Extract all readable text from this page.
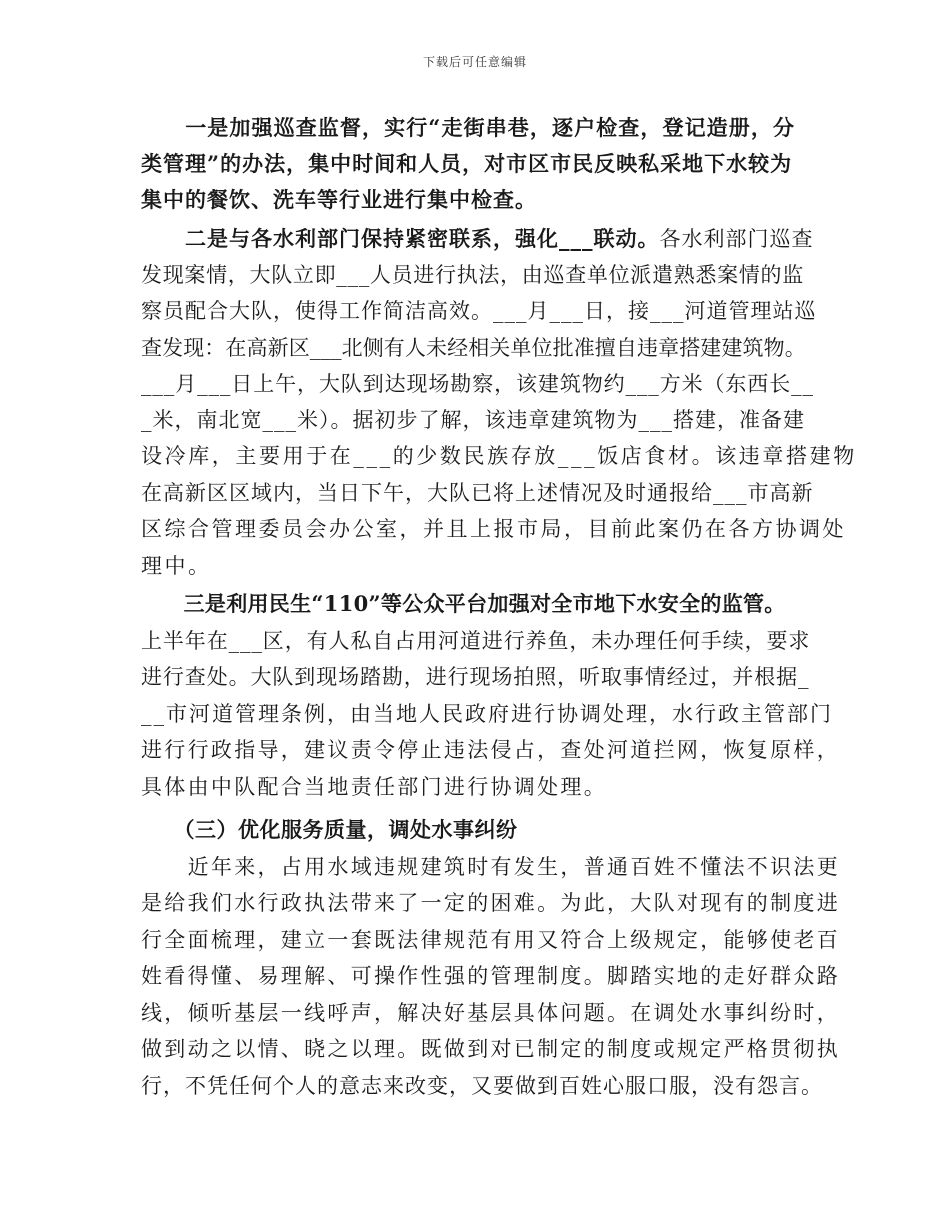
下载后可任意编辑
　　一是加强巡查监督，实行“走街串巷，逐户检查，登记造册，分
类管理”的办法，集中时间和人员，对市区市民反映私采地下水较为
集中的餐饮、洗车等行业进行集中检查。
　　二是与各水利部门保持紧密联系，强化___联动。各水利部门巡查
发现案情，大队立即___人员进行执法，由巡查单位派遣熟悉案情的监
察员配合大队，使得工作简洁高效。___月___日，接___河道管理站巡
查发现：在高新区___北侧有人未经相关单位批准擅自违章搭建建筑物。
___月___日上午，大队到达现场勘察，该建筑物约___方米（东西长__
_米，南北宽___米）。据初步了解，该违章建筑物为___搭建，准备建
设冷库，主要用于在___的少数民族存放___饭店食材。该违章搭建物
在高新区区域内，当日下午，大队已将上述情况及时通报给___市高新
区综合管理委员会办公室，并且上报市局，目前此案仍在各方协调处
理中。
　　三是利用民生“110”等公众平台加强对全市地下水安全的监管。
上半年在___区，有人私自占用河道进行养鱼，未办理任何手续，要求
进行查处。大队到现场踏勘，进行现场拍照，听取事情经过，并根据_
__市河道管理条例，由当地人民政府进行协调处理，水行政主管部门
进行行政指导，建议责令停止违法侵占，查处河道拦网，恢复原样，
具体由中队配合当地责任部门进行协调处理。
　　（三）优化服务质量，调处水事纠纷
　　近年来，占用水域违规建筑时有发生，普通百姓不懂法不识法更
是给我们水行政执法带来了一定的困难。为此，大队对现有的制度进
行全面梳理，建立一套既法律规范有用又符合上级规定，能够使老百
姓看得懂、易理解、可操作性强的管理制度。脚踏实地的走好群众路
线，倾听基层一线呼声，解决好基层具体问题。在调处水事纠纷时，
做到动之以情、晓之以理。既做到对已制定的制度或规定严格贯彻执
行，不凭任何个人的意志来改变，又要做到百姓心服口服，没有怨言。
